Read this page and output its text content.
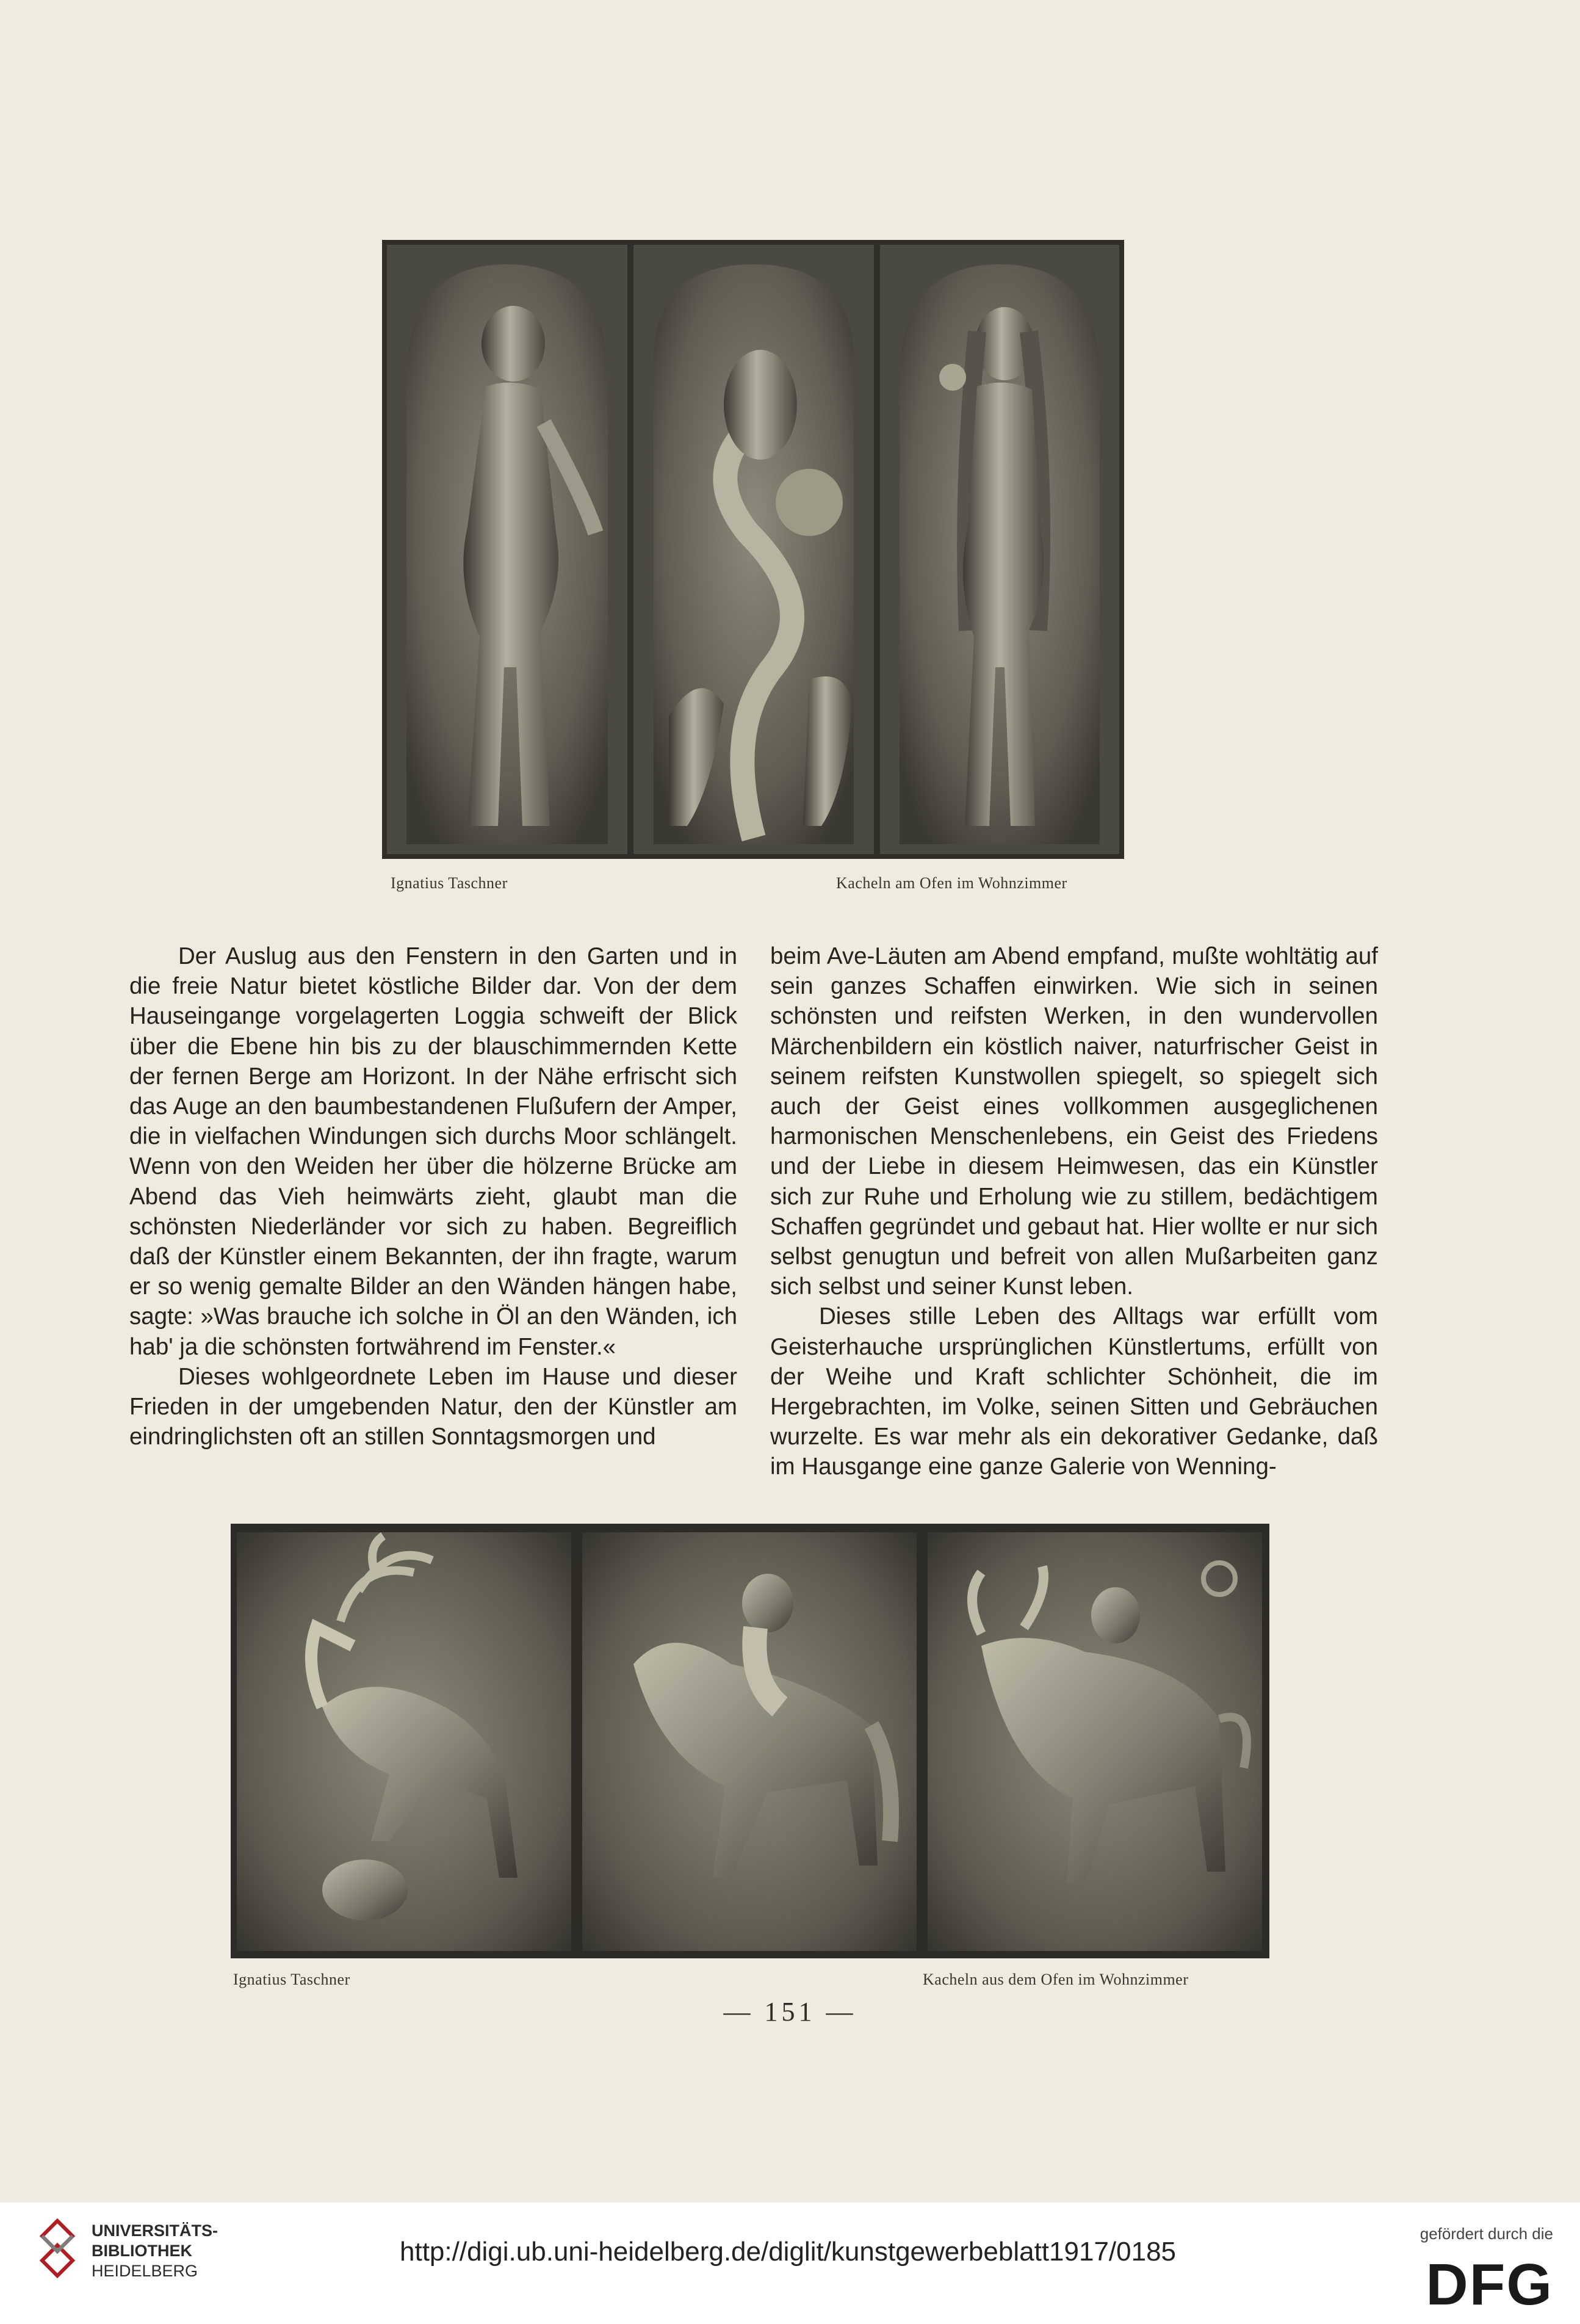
Ignatius Taschner	Kacheln am Ofen im Wohnzimmer

Der Auslug aus den Fenstern in den Garten und in die freie Natur bietet köstliche Bilder dar. Von der dem Hauseingange vorgelagerten Loggia schweift der Blick über die Ebene hin bis zu der blauschimmernden Kette der fernen Berge am Horizont. In der Nähe erfrischt sich das Auge an den baumbestandenen Flußufern der Amper, die in vielfachen Windungen sich durchs Moor schlängelt. Wenn von den Weiden her über die hölzerne Brücke am Abend das Vieh heimwärts zieht, glaubt man die schönsten Niederländer vor sich zu haben. Begreiflich daß der Künstler einem Bekannten, der ihn fragte, warum er so wenig gemalte Bilder an den Wänden hängen habe, sagte: »Was brauche ich solche in Öl an den Wänden, ich hab' ja die schönsten fortwährend im Fenster.«

Dieses wohlgeordnete Leben im Hause und dieser Frieden in der umgebenden Natur, den der Künstler am eindringlichsten oft an stillen Sonntagsmorgen und

beim Ave-Läuten am Abend empfand, mußte wohltätig auf sein ganzes Schaffen einwirken. Wie sich in seinen schönsten und reifsten Werken, in den wundervollen Märchenbildern ein köstlich naiver, naturfrischer Geist in seinem reifsten Kunstwollen spiegelt, so spiegelt sich auch der Geist eines vollkommen ausgeglichenen harmonischen Menschenlebens, ein Geist des Friedens und der Liebe in diesem Heimwesen, das ein Künstler sich zur Ruhe und Erholung wie zu stillem, bedächtigem Schaffen gegründet und gebaut hat. Hier wollte er nur sich selbst genugtun und befreit von allen Mußarbeiten ganz sich selbst und seiner Kunst leben.

Dieses stille Leben des Alltags war erfüllt vom Geisterhauche ursprünglichen Künstlertums, erfüllt von der Weihe und Kraft schlichter Schönheit, die im Hergebrachten, im Volke, seinen Sitten und Gebräuchen wurzelte. Es war mehr als ein dekorativer Gedanke, daß im Hausgange eine ganze Galerie von Wenning-

Ignatius Taschner	Kacheln aus dem Ofen im Wohnzimmer
— 151 —
UNIVERSITÄTS-
BIBLIOTHEK
HEIDELBERG
http://digi.ub.uni-heidelberg.de/diglit/kunstgewerbeblatt1917/0185
gefördert durch die
DFG
